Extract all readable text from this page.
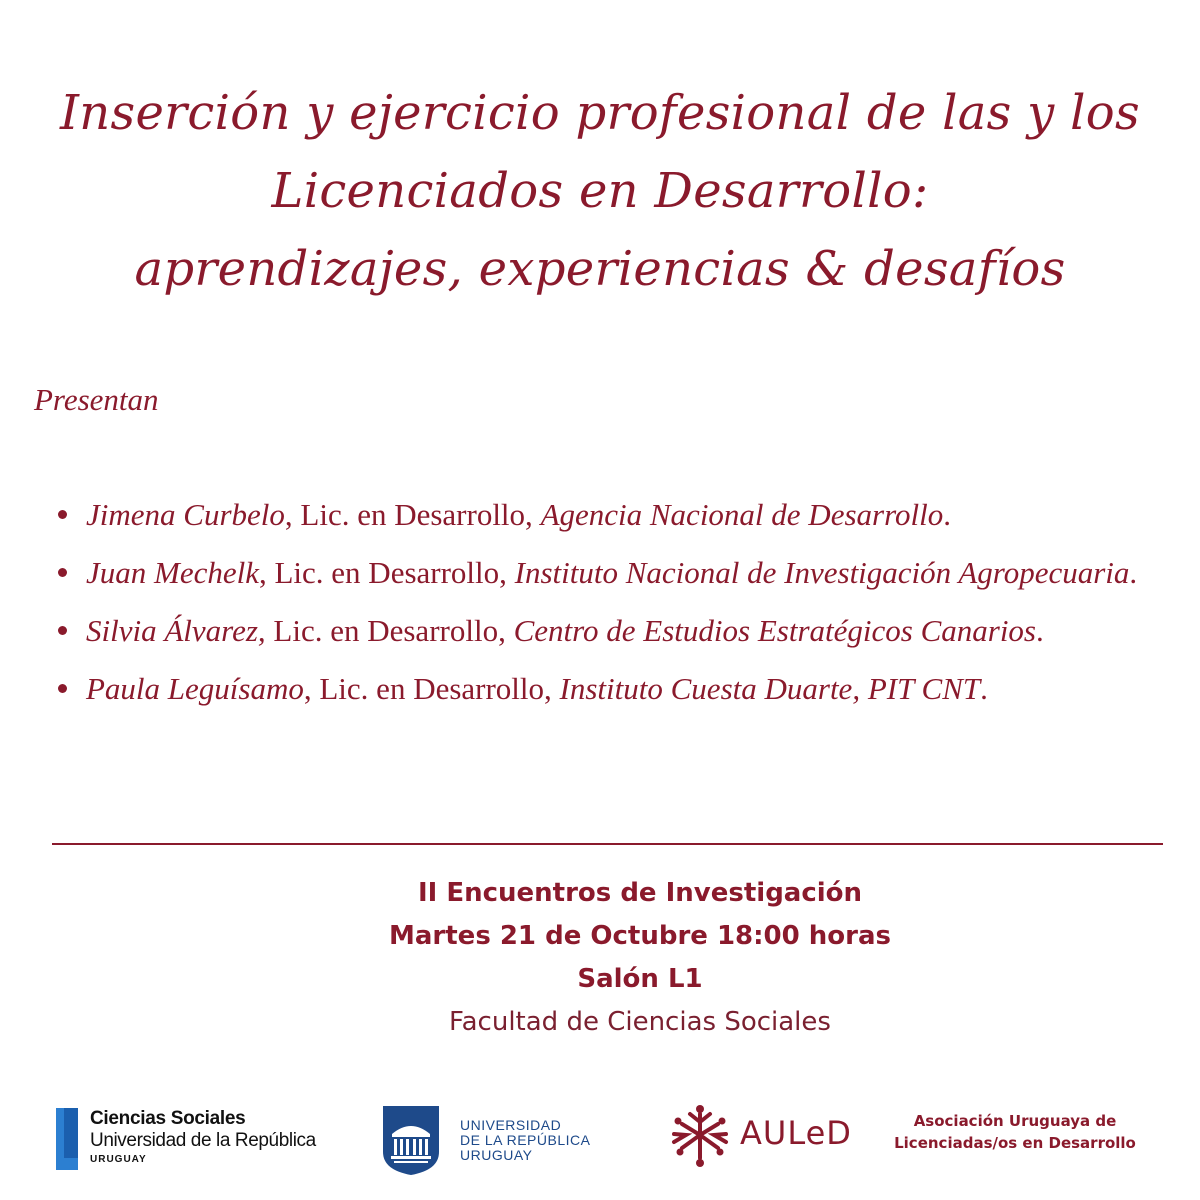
Inserción y ejercicio profesional de las y los
Licenciados en Desarrollo:
aprendizajes, experiencias & desafíos
Presentan
Jimena Curbelo, Lic. en Desarrollo, Agencia Nacional de Desarrollo.
Juan Mechelk, Lic. en Desarrollo, Instituto Nacional de Investigación Agropecuaria.
Silvia Álvarez, Lic. en Desarrollo, Centro de Estudios Estratégicos Canarios.
Paula Leguísamo, Lic. en Desarrollo, Instituto Cuesta Duarte, PIT CNT.
II Encuentros de Investigación
Martes 21 de Octubre 18:00 horas
Salón L1
Facultad de Ciencias Sociales
Ciencias Sociales
Universidad de la República
URUGUAY
UNIVERSIDAD
DE LA REPÚBLICA
URUGUAY
AULeD	Asociación Uruguaya de
Licenciadas/os en Desarrollo
